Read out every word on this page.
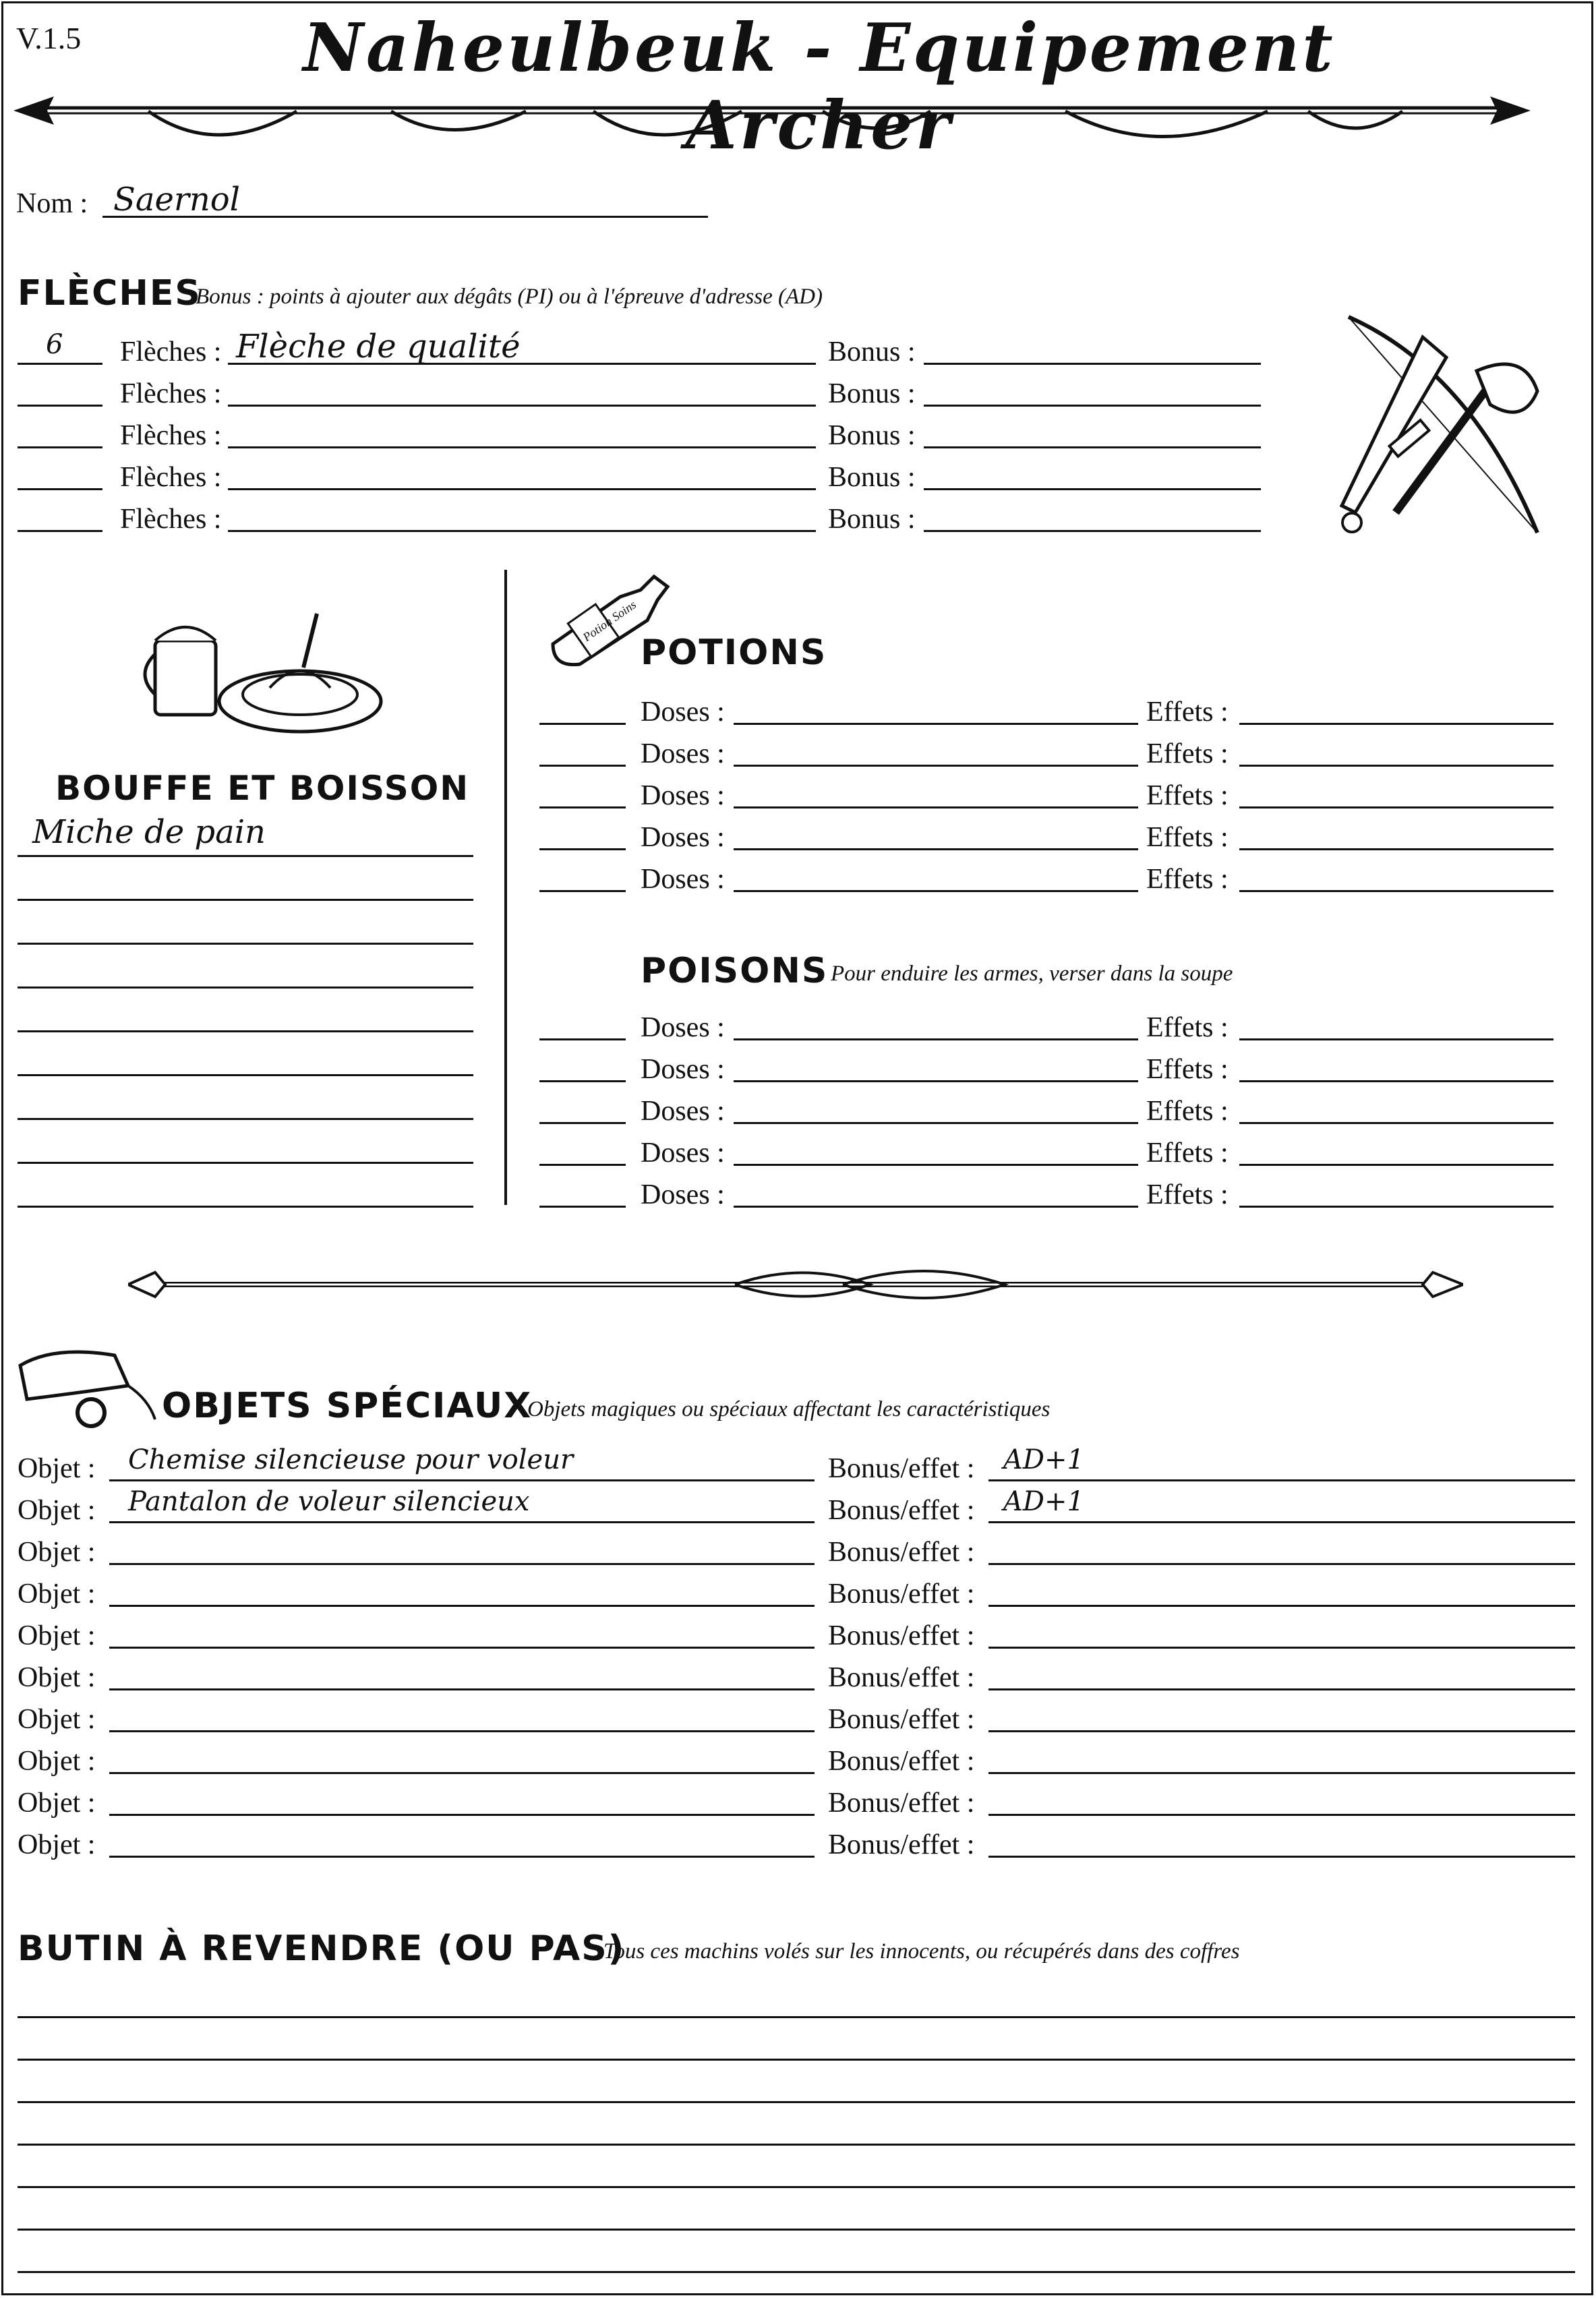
V.1.5	Naheulbeuk - Equipement Archer
Nom : Saernol
FLÈCHES
Bonus : points à ajouter aux dégâts (PI) ou à l'épreuve d'adresse (AD)
6 Flèches : Flèche de qualité	Bonus :
Flèches :	Bonus :
Flèches :	Bonus :
Flèches :	Bonus :
Flèches :	Bonus :
BOUFFE ET BOISSON
Miche de pain
Potion Soins
POTIONS
Doses :	Effets :
Doses :	Effets :
Doses :	Effets :
Doses :	Effets :
Doses :	Effets :
POISONS Pour enduire les armes, verser dans la soupe
Doses :	Effets :
Doses :	Effets :
Doses :	Effets :
Doses :	Effets :
Doses :	Effets :
OBJETS SPÉCIAUX
Objets magiques ou spéciaux affectant les caractéristiques
Objet : Chemise silencieuse pour voleur	Bonus/effet : AD+1
Objet : Pantalon de voleur silencieux	Bonus/effet : AD+1
Objet :	Bonus/effet :
Objet :	Bonus/effet :
Objet :	Bonus/effet :
Objet :	Bonus/effet :
Objet :	Bonus/effet :
Objet :	Bonus/effet :
Objet :	Bonus/effet :
Objet :	Bonus/effet :
BUTIN À REVENDRE (OU PAS)
Tous ces machins volés sur les innocents, ou récupérés dans des coffres
